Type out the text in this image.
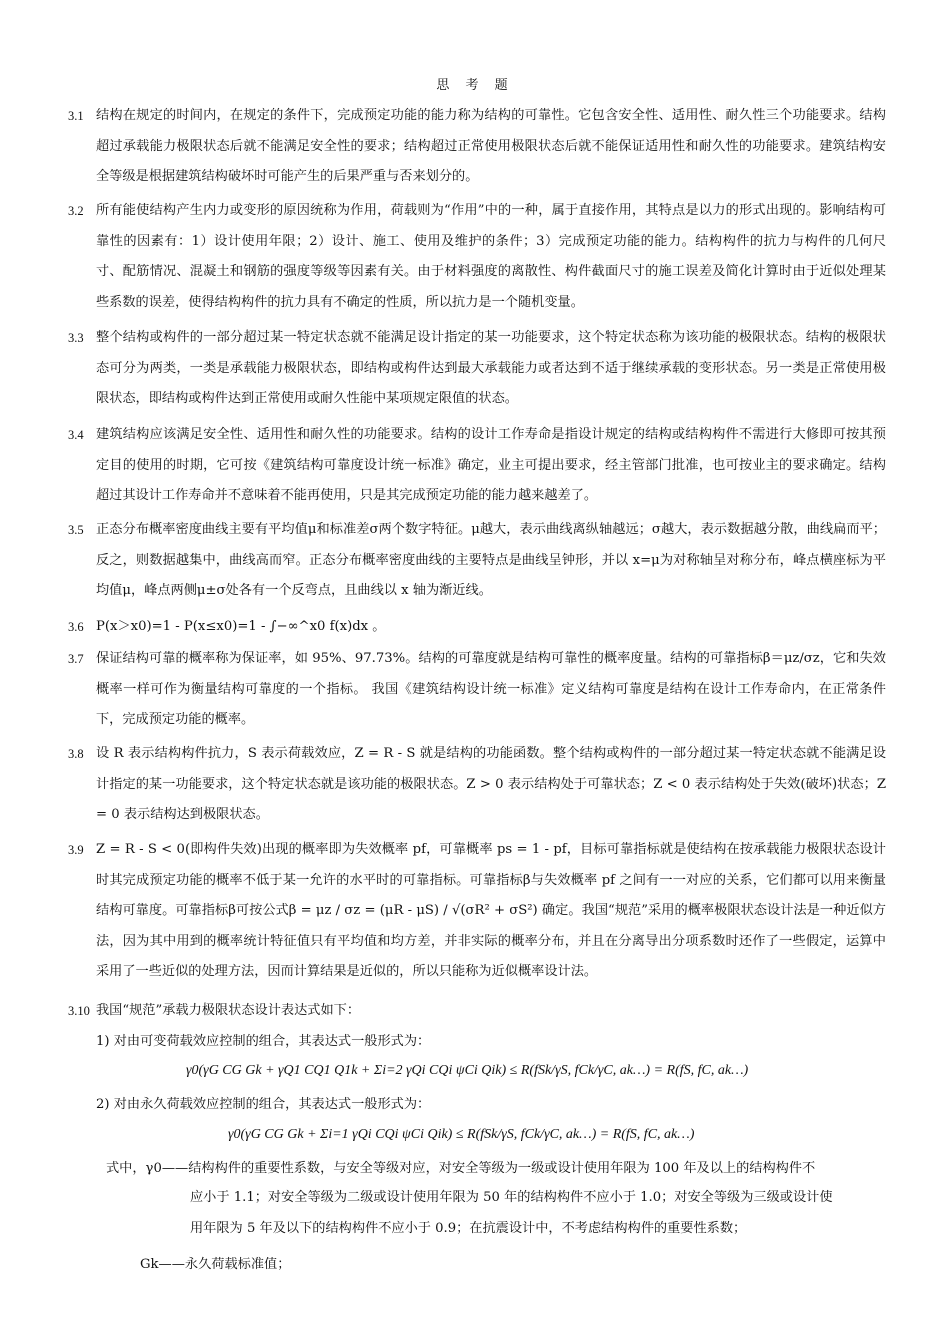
思 考 题
3.1 结构在规定的时间内，在规定的条件下，完成预定功能的能力称为结构的可靠性。它包含安全性、适用性、耐久性三个功能要求。结构超过承载能力极限状态后就不能满足安全性的要求；结构超过正常使用极限状态后就不能保证适用性和耐久性的功能要求。建筑结构安全等级是根据建筑结构破坏时可能产生的后果严重与否来划分的。
3.2 所有能使结构产生内力或变形的原因统称为作用，荷载则为“作用”中的一种，属于直接作用，其特点是以力的形式出现的。影响结构可靠性的因素有：1）设计使用年限；2）设计、施工、使用及维护的条件；3）完成预定功能的能力。结构构件的抗力与构件的几何尺寸、配筋情况、混凝土和钢筋的强度等级等因素有关。由于材料强度的离散性、构件截面尺寸的施工误差及简化计算时由于近似处理某些系数的误差，使得结构构件的抗力具有不确定的性质，所以抗力是一个随机变量。
3.3 整个结构或构件的一部分超过某一特定状态就不能满足设计指定的某一功能要求，这个特定状态称为该功能的极限状态。结构的极限状态可分为两类，一类是承载能力极限状态，即结构或构件达到最大承载能力或者达到不适于继续承载的变形状态。另一类是正常使用极限状态，即结构或构件达到正常使用或耐久性能中某项规定限值的状态。
3.4 建筑结构应该满足安全性、适用性和耐久性的功能要求。结构的设计工作寿命是指设计规定的结构或结构构件不需进行大修即可按其预定目的使用的时期，它可按《建筑结构可靠度设计统一标准》确定，业主可提出要求，经主管部门批准，也可按业主的要求确定。结构超过其设计工作寿命并不意味着不能再使用，只是其完成预定功能的能力越来越差了。
3.5 正态分布概率密度曲线主要有平均值μ和标准差σ两个数字特征。μ越大，表示曲线离纵轴越远；σ越大，表示数据越分散，曲线扁而平；反之，则数据越集中，曲线高而窄。正态分布概率密度曲线的主要特点是曲线呈钟形，并以 x=μ为对称轴呈对称分布，峰点横座标为平均值μ，峰点两侧μ±σ处各有一个反弯点，且曲线以 x 轴为渐近线。
3.6 P(x＞x0)=1 - P(x≤x0)=1 - ∫−∞^x0 f(x)dx 。
3.7 保证结构可靠的概率称为保证率，如 95%、97.73%。结构的可靠度就是结构可靠性的概率度量。结构的可靠指标β＝μz/σz，它和失效概率一样可作为衡量结构可靠度的一个指标。 我国《建筑结构设计统一标准》定义结构可靠度是结构在设计工作寿命内，在正常条件下，完成预定功能的概率。
3.8 设 R 表示结构构件抗力，S 表示荷载效应，Z = R - S 就是结构的功能函数。整个结构或构件的一部分超过某一特定状态就不能满足设计指定的某一功能要求，这个特定状态就是该功能的极限状态。Z > 0 表示结构处于可靠状态；Z < 0 表示结构处于失效(破坏)状态；Z = 0 表示结构达到极限状态。
3.9 Z = R - S < 0(即构件失效)出现的概率即为失效概率 pf，可靠概率 ps = 1 - pf，目标可靠指标就是使结构在按承载能力极限状态设计时其完成预定功能的概率不低于某一允许的水平时的可靠指标。可靠指标β与失效概率 pf 之间有一一对应的关系，它们都可以用来衡量结构可靠度。可靠指标β可按公式β = μz / σz = (μR - μS) / √(σR² + σS²) 确定。我国“规范”采用的概率极限状态设计法是一种近似方法，因为其中用到的概率统计特征值只有平均值和均方差，并非实际的概率分布，并且在分离导出分项系数时还作了一些假定，运算中采用了一些近似的处理方法，因而计算结果是近似的，所以只能称为近似概率设计法。
3.10 我国“规范”承载力极限状态设计表达式如下：
1) 对由可变荷载效应控制的组合，其表达式一般形式为：
γ0(γG CG Gk + γQ1 CQ1 Q1k + Σi=2 γQi CQi ψCi Qik) ≤ R(fSk/γS, fCk/γC, ak…) = R(fS, fC, ak…)
2) 对由永久荷载效应控制的组合，其表达式一般形式为：
γ0(γG CG Gk + Σi=1 γQi CQi ψCi Qik) ≤ R(fSk/γS, fCk/γC, ak…) = R(fS, fC, ak…)
式中，γ0——结构构件的重要性系数，与安全等级对应，对安全等级为一级或设计使用年限为 100 年及以上的结构构件不
应小于 1.1；对安全等级为二级或设计使用年限为 50 年的结构构件不应小于 1.0；对安全等级为三级或设计使
用年限为 5 年及以下的结构构件不应小于 0.9；在抗震设计中，不考虑结构构件的重要性系数；
Gk——永久荷载标准值；
